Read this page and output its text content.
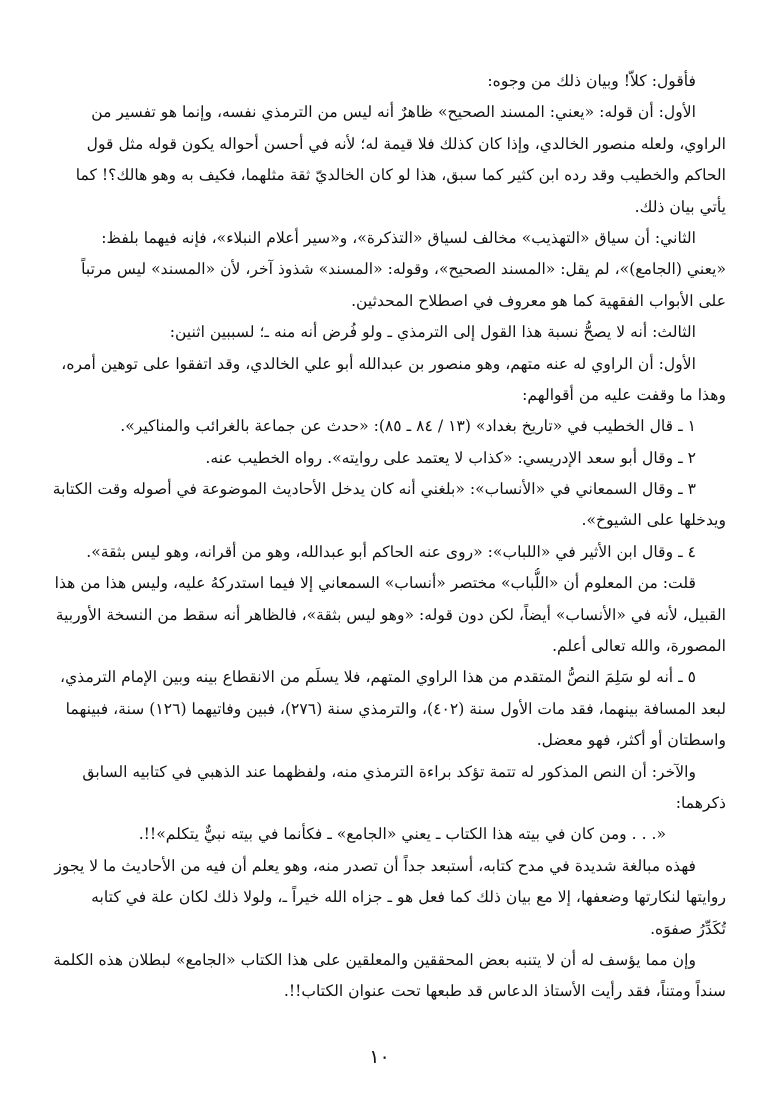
فأقول: كلاّ! وبيان ذلك من وجوه:
الأول: أن قوله: «يعني: المسند الصحيح» ظاهرٌ أنه ليس من الترمذي نفسه، وإنما هو تفسير من
الراوي، ولعله منصور الخالدي، وإذا كان كذلك فلا قيمة له؛ لأنه في أحسن أحواله يكون قوله مثل قول
الحاكم والخطيب وقد رده ابن كثير كما سبق، هذا لو كان الخالديّ ثقة مثلهما، فكيف به وهو هالك؟! كما
يأتي بيان ذلك.
الثاني: أن سياق «التهذيب» مخالف لسياق «التذكرة»، و«سير أعلام النبلاء»، فإنه فيهما بلفظ:
«يعني (الجامع)»، لم يقل: «المسند الصحيح»، وقوله: «المسند» شذوذ آخر، لأن «المسند» ليس مرتباً
على الأبواب الفقهية كما هو معروف في اصطلاح المحدثين.
الثالث: أنه لا يصحُّ نسبة هذا القول إلى الترمذي ـ ولو فُرض أنه منه ـ؛ لسببين اثنين:
الأول: أن الراوي له عنه متهم، وهو منصور بن عبدالله أبو علي الخالدي، وقد اتفقوا على توهين أمره،
وهذا ما وقفت عليه من أقوالهم:
١ ـ قال الخطيب في «تاريخ بغداد» (١٣ / ٨٤ ـ ٨٥): «حدث عن جماعة بالغرائب والمناكير».
٢ ـ وقال أبو سعد الإدريسي: «كذاب لا يعتمد على روايته». رواه الخطيب عنه.
٣ ـ وقال السمعاني في «الأنساب»: «بلغني أنه كان يدخل الأحاديث الموضوعة في أصوله وقت الكتابة
ويدخلها على الشيوخ».
٤ ـ وقال ابن الأثير في «اللباب»: «روى عنه الحاكم أبو عبدالله، وهو من أقرانه، وهو ليس بثقة».
قلت: من المعلوم أن «اللُّباب» مختصر «أنساب» السمعاني إلا فيما استدركهُ عليه، وليس هذا من هذا
القبيل، لأنه في «الأنساب» أيضاً، لكن دون قوله: «وهو ليس بثقة»، فالظاهر أنه سقط من النسخة الأوربية
المصورة، والله تعالى أعلم.
٥ ـ أنه لو سَلِمَ النصُّ المتقدم من هذا الراوي المتهم، فلا يسلَم من الانقطاع بينه وبين الإمام الترمذي،
لبعد المسافة بينهما، فقد مات الأول سنة (٤٠٢)، والترمذي سنة (٢٧٦)، فبين وفاتيهما (١٢٦) سنة، فبينهما
واسطتان أو أكثر، فهو معضل.
والآخر: أن النص المذكور له تتمة تؤكد براءة الترمذي منه، ولفظهما عند الذهبي في كتابيه السابق
ذكرهما:
«. . . ومن كان في بيته هذا الكتاب ـ يعني «الجامع» ـ فكأنما في بيته نبيٌّ يتكلم»!!.
فهذه مبالغة شديدة في مدح كتابه، أستبعد جداً أن تصدر منه، وهو يعلم أن فيه من الأحاديث ما لا يجوز
روايتها لنكارتها وضعفها، إلا مع بيان ذلك كما فعل هو ـ جزاه الله خيراً ـ، ولولا ذلك لكان علة في كتابه
تُكَدِّرُ صفوَه.
وإن مما يؤسف له أن لا يتنبه بعض المحققين والمعلقين على هذا الكتاب «الجامع» لبطلان هذه الكلمة
سنداً ومتناً، فقد رأيت الأستاذ الدعاس قد طبعها تحت عنوان الكتاب!!.
١٠
